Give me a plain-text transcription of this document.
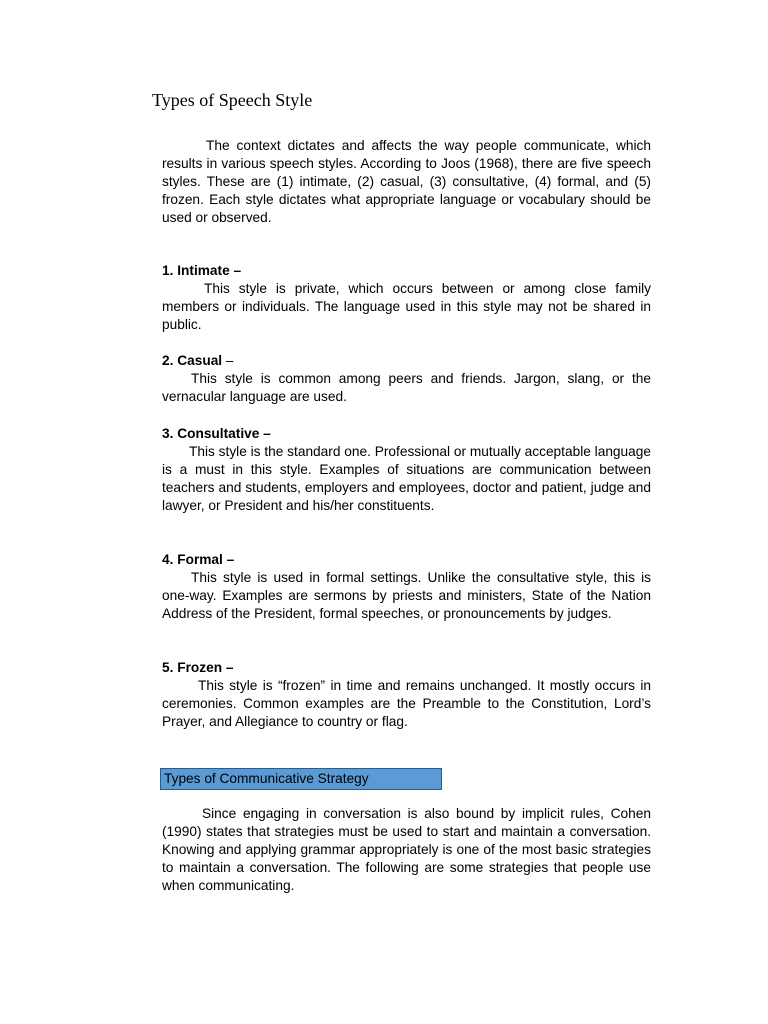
Types of Speech Style

The context dictates and affects the way people communicate, which results in various speech styles. According to Joos (1968), there are five speech styles. These are (1) intimate, (2) casual, (3) consultative, (4) formal, and (5) frozen. Each style dictates what appropriate language or vocabulary should be used or observed.

1. Intimate –

This style is private, which occurs between or among close family members or individuals. The language used in this style may not be shared in public.

2. Casual –

This style is common among peers and friends. Jargon, slang, or the vernacular language are used.

3. Consultative –

This style is the standard one. Professional or mutually acceptable language is a must in this style. Examples of situations are communication between teachers and students, employers and employees, doctor and patient, judge and lawyer, or President and his/her constituents.

4. Formal –

This style is used in formal settings. Unlike the consultative style, this is one-way. Examples are sermons by priests and ministers, State of the Nation Address of the President, formal speeches, or pronouncements by judges.

5. Frozen –

This style is “frozen” in time and remains unchanged. It mostly occurs in ceremonies. Common examples are the Preamble to the Constitution, Lord’s Prayer, and Allegiance to country or flag.

Types of Communicative Strategy

Since engaging in conversation is also bound by implicit rules, Cohen (1990) states that strategies must be used to start and maintain a conversation. Knowing and applying grammar appropriately is one of the most basic strategies to maintain a conversation. The following are some strategies that people use when communicating.
